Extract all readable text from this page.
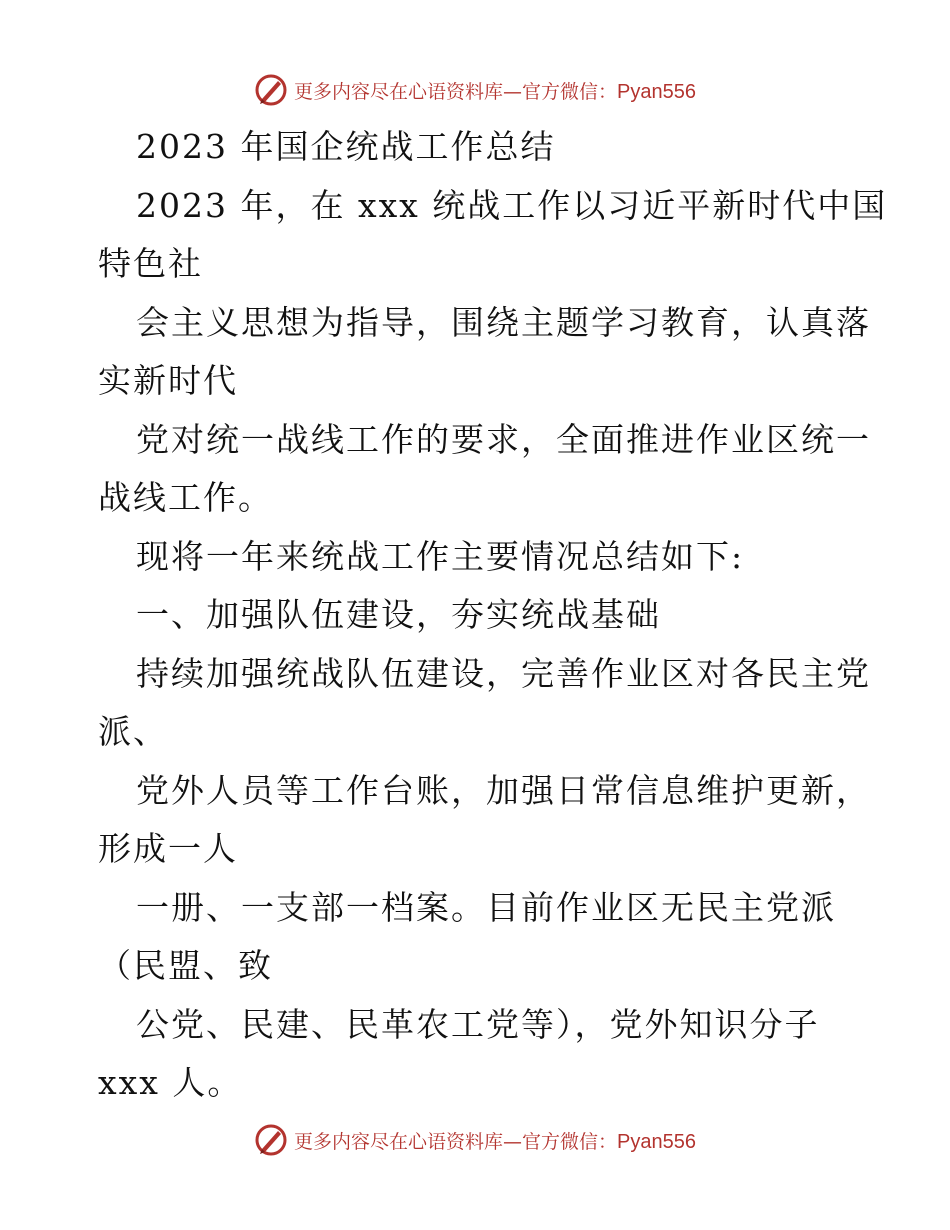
更多内容尽在心语资料库—官方微信：Pyan556
2023 年国企统战工作总结
2023 年，在 xxx 统战工作以习近平新时代中国
特色社
会主义思想为指导，围绕主题学习教育，认真落
实新时代
党对统一战线工作的要求，全面推进作业区统一
战线工作。
现将一年来统战工作主要情况总结如下:
一、加强队伍建设，夯实统战基础
持续加强统战队伍建设，完善作业区对各民主党
派、
党外人员等工作台账，加强日常信息维护更新，
形成一人
一册、一支部一档案。目前作业区无民主党派
（民盟、致
公党、民建、民革农工党等），党外知识分子
xxx 人。
更多内容尽在心语资料库—官方微信：Pyan556
